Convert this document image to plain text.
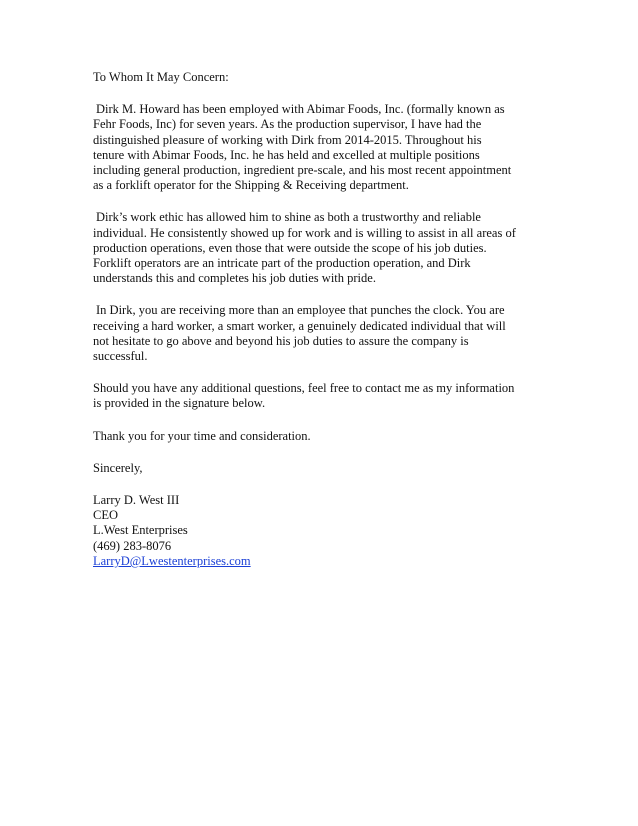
To Whom It May Concern:
Dirk M. Howard has been employed with Abimar Foods, Inc. (formally known as
Fehr Foods, Inc) for seven years. As the production supervisor, I have had the
distinguished pleasure of working with Dirk from 2014-2015. Throughout his
tenure with Abimar Foods, Inc. he has held and excelled at multiple positions
including general production, ingredient pre-scale, and his most recent appointment
as a forklift operator for the Shipping & Receiving department.
Dirk’s work ethic has allowed him to shine as both a trustworthy and reliable
individual. He consistently showed up for work and is willing to assist in all areas of
production operations, even those that were outside the scope of his job duties.
Forklift operators are an intricate part of the production operation, and Dirk
understands this and completes his job duties with pride.
In Dirk, you are receiving more than an employee that punches the clock. You are
receiving a hard worker, a smart worker, a genuinely dedicated individual that will
not hesitate to go above and beyond his job duties to assure the company is
successful.
Should you have any additional questions, feel free to contact me as my information
is provided in the signature below.
Thank you for your time and consideration.
Sincerely,
Larry D. West III
CEO
L.West Enterprises
(469) 283-8076
LarryD@Lwestenterprises.com
